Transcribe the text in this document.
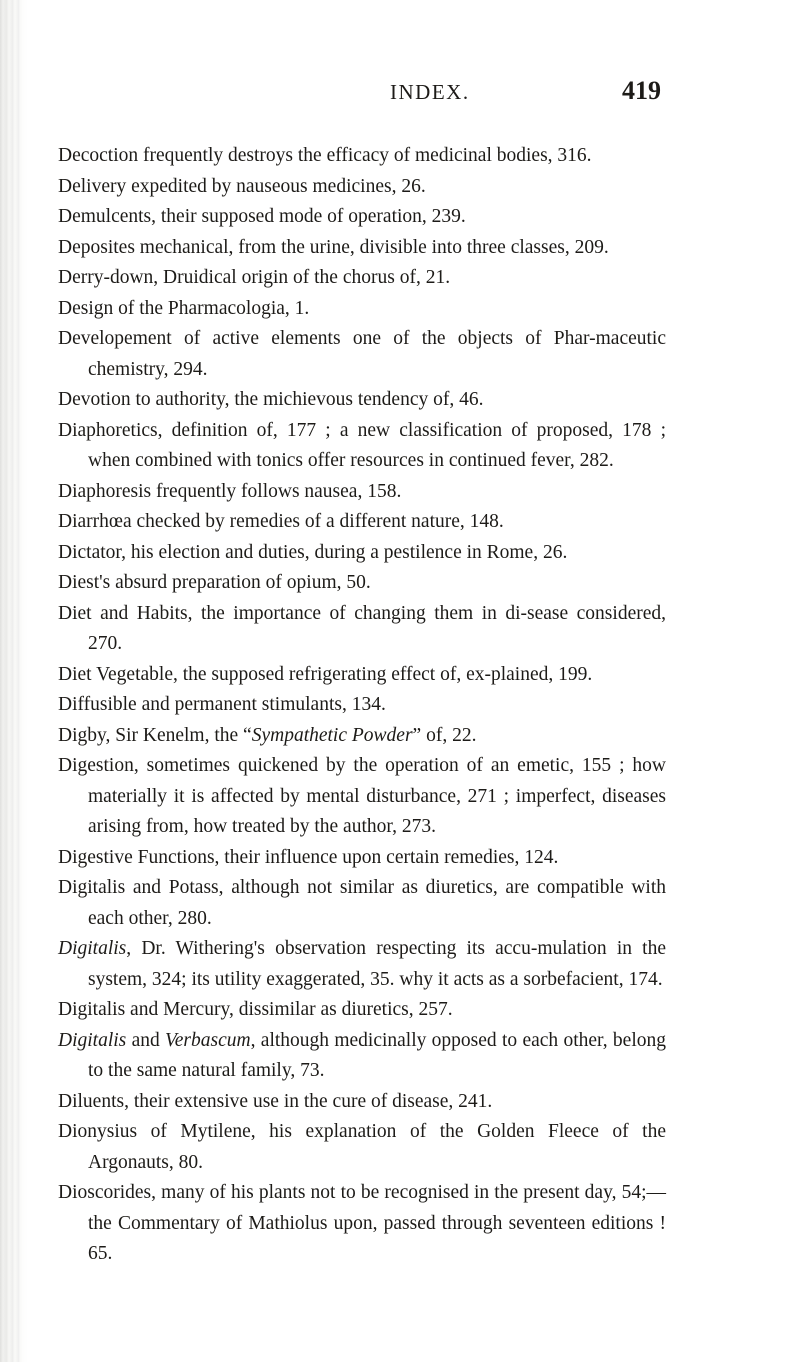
INDEX.	419

Decoction frequently destroys the efficacy of medicinal bodies, 316.

Delivery expedited by nauseous medicines, 26.

Demulcents, their supposed mode of operation, 239.

Deposites mechanical, from the urine, divisible into three classes, 209.

Derry-down, Druidical origin of the chorus of, 21.

Design of the Pharmacologia, 1.

Developement of active elements one of the objects of Phar-maceutic chemistry, 294.

Devotion to authority, the michievous tendency of, 46.

Diaphoretics, definition of, 177 ; a new classification of proposed, 178 ; when combined with tonics offer resources in continued fever, 282.

Diaphoresis frequently follows nausea, 158.

Diarrhœa checked by remedies of a different nature, 148.

Dictator, his election and duties, during a pestilence in Rome, 26.

Diest's absurd preparation of opium, 50.

Diet and Habits, the importance of changing them in di-sease considered, 270.

Diet Vegetable, the supposed refrigerating effect of, ex-plained, 199.

Diffusible and permanent stimulants, 134.

Digby, Sir Kenelm, the “Sympathetic Powder” of, 22.

Digestion, sometimes quickened by the operation of an emetic, 155 ; how materially it is affected by mental disturbance, 271 ; imperfect, diseases arising from, how treated by the author, 273.

Digestive Functions, their influence upon certain remedies, 124.

Digitalis and Potass, although not similar as diuretics, are compatible with each other, 280.

Digitalis, Dr. Withering's observation respecting its accu-mulation in the system, 324; its utility exaggerated, 35. why it acts as a sorbefacient, 174.

Digitalis and Mercury, dissimilar as diuretics, 257.

Digitalis and Verbascum, although medicinally opposed to each other, belong to the same natural family, 73.

Diluents, their extensive use in the cure of disease, 241.

Dionysius of Mytilene, his explanation of the Golden Fleece of the Argonauts, 80.

Dioscorides, many of his plants not to be recognised in the present day, 54;—the Commentary of Mathiolus upon, passed through seventeen editions ! 65.
